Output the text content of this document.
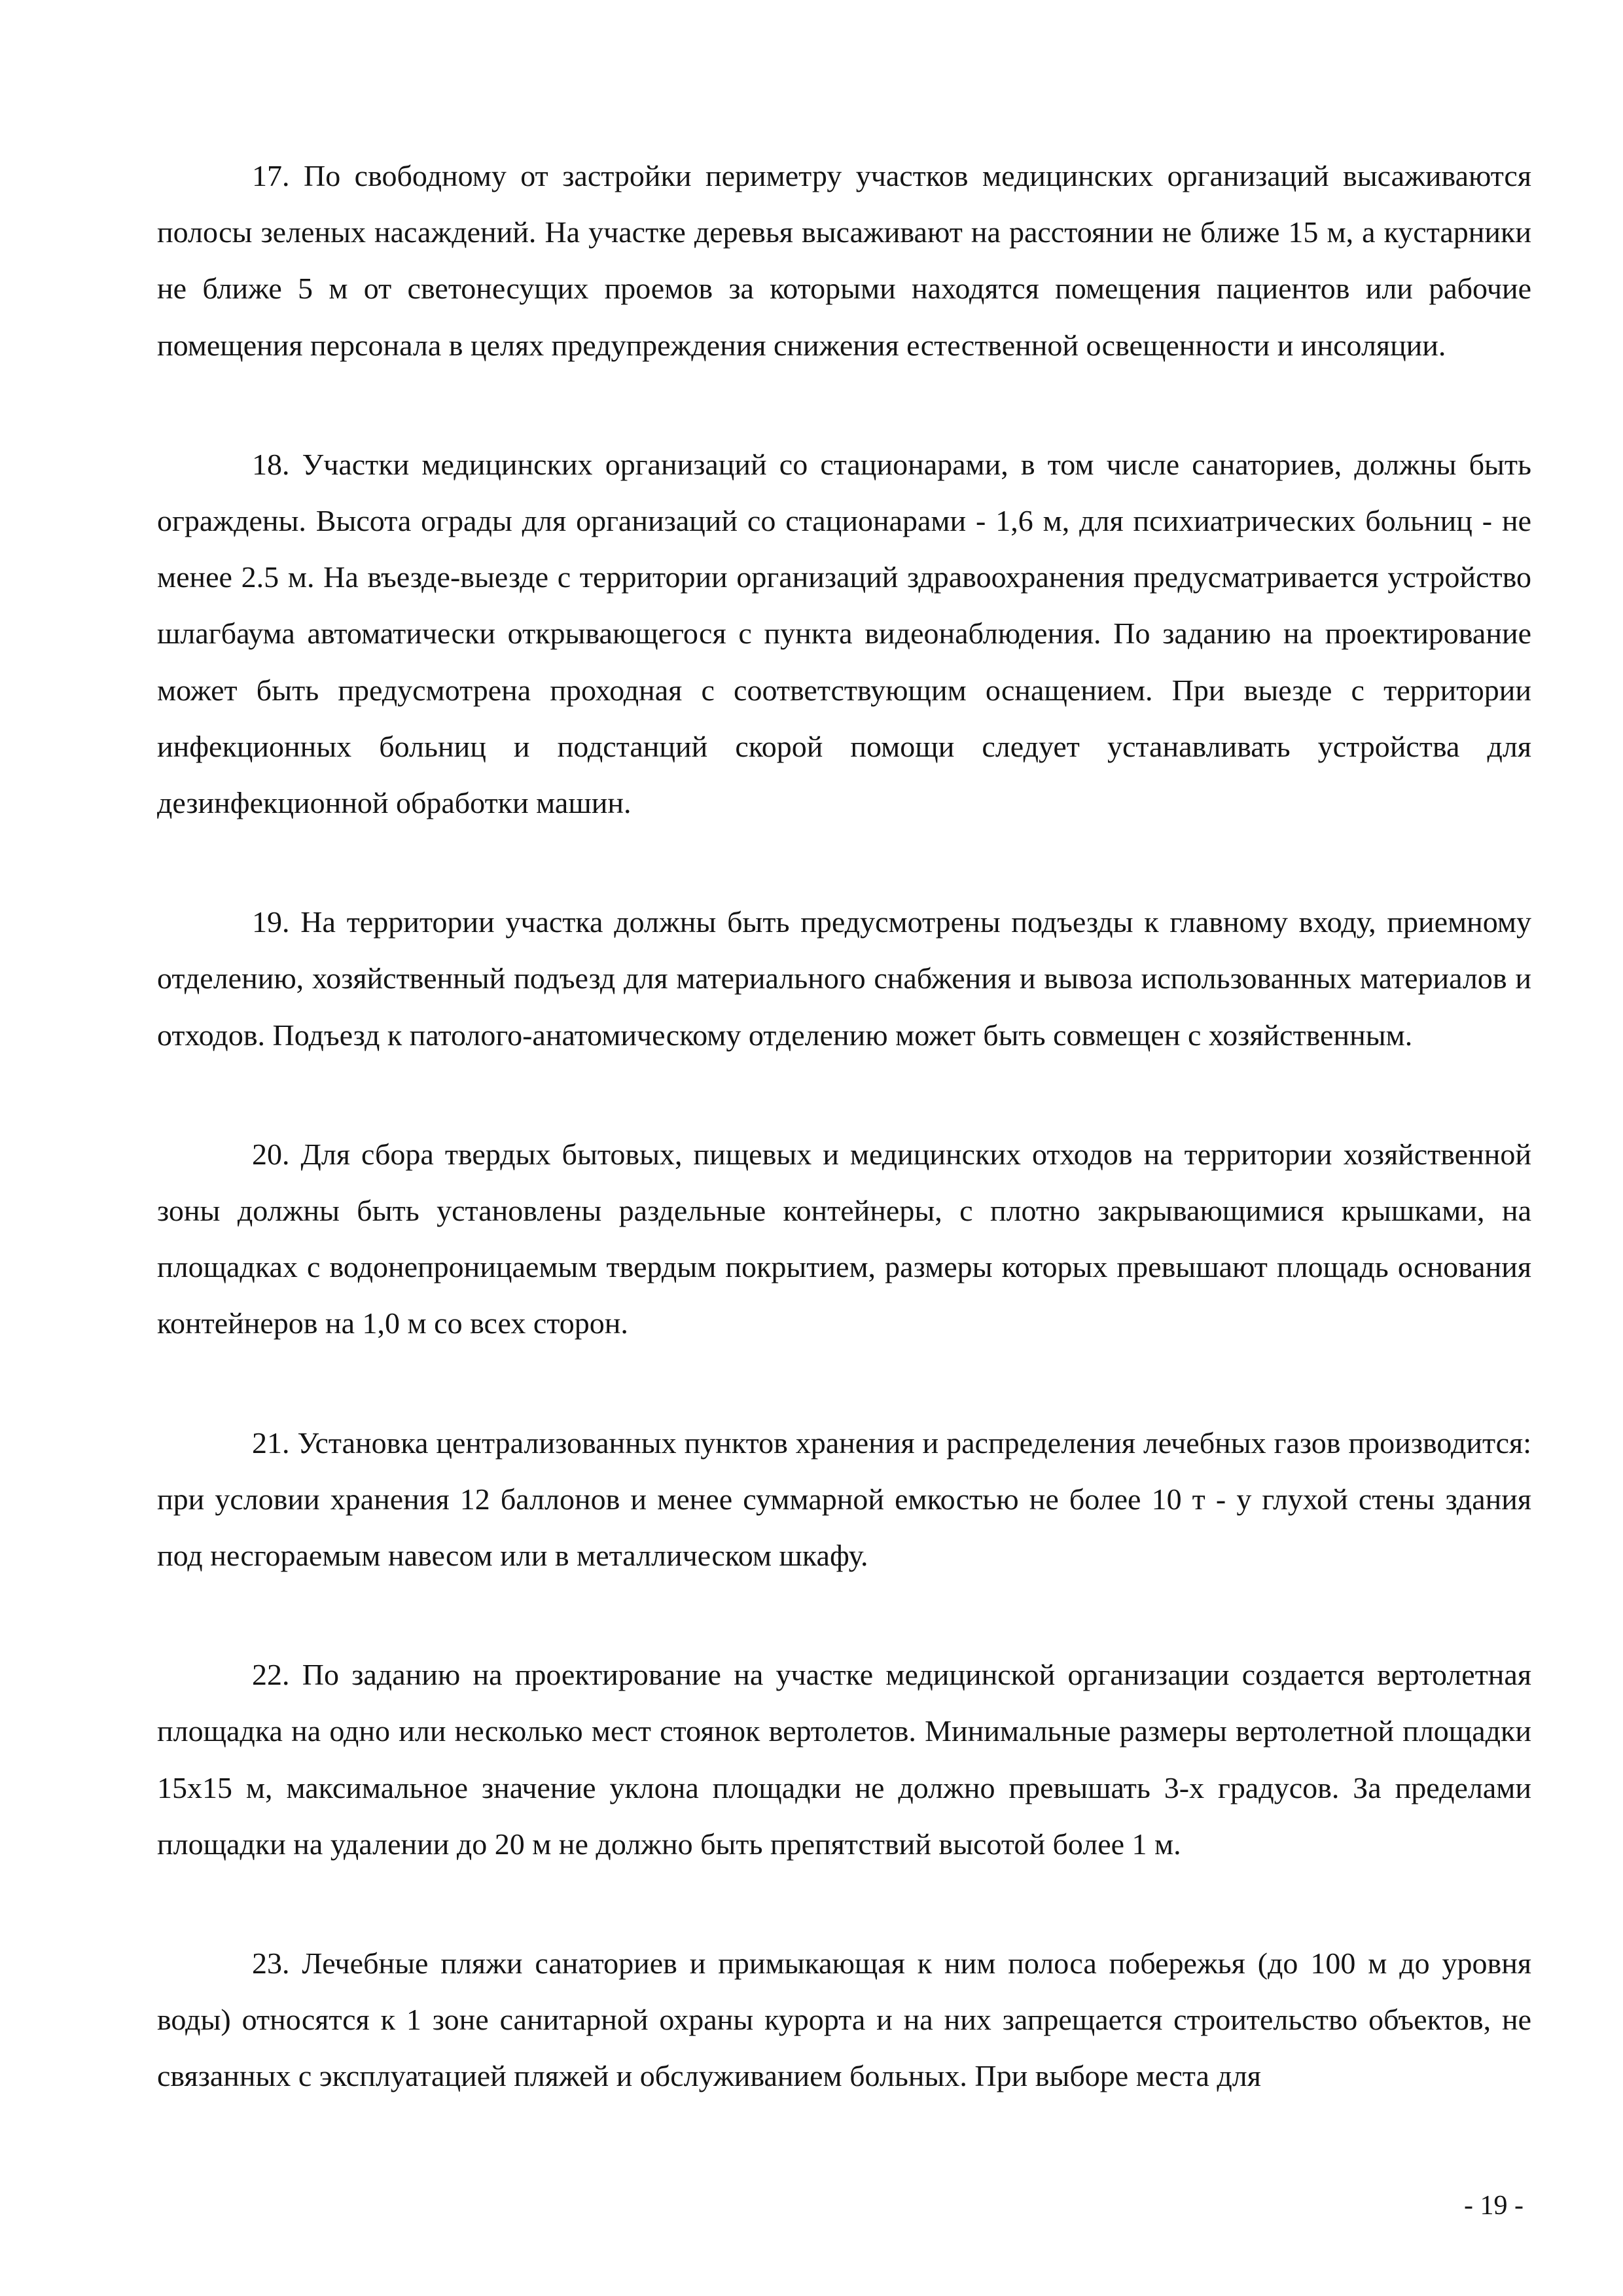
17. По свободному от застройки периметру участков медицинских организаций высаживаются полосы зеленых насаждений. На участке деревья высаживают на расстоянии не ближе 15 м, а кустарники не ближе 5 м от светонесущих проемов за которыми находятся помещения пациентов или рабочие помещения персонала в целях предупреждения снижения естественной освещенности и инсоляции.

18. Участки медицинских организаций со стационарами, в том числе санаториев, должны быть ограждены. Высота ограды для организаций со стационарами - 1,6 м, для психиатрических больниц - не менее 2.5 м. На въезде-выезде с территории организаций здравоохранения предусматривается устройство шлагбаума автоматически открывающегося с пункта видеонаблюдения. По заданию на проектирование может быть предусмотрена проходная с соответствующим оснащением. При выезде с территории инфекционных больниц и подстанций скорой помощи следует устанавливать устройства для дезинфекционной обработки машин.

19. На территории участка должны быть предусмотрены подъезды к главному входу, приемному отделению, хозяйственный подъезд для материального снабжения и вывоза использованных материалов и отходов. Подъезд к патолого-анатомическому отделению может быть совмещен с хозяйственным.

20. Для сбора твердых бытовых, пищевых и медицинских отходов на территории хозяйственной зоны должны быть установлены раздельные контейнеры, с плотно закрывающимися крышками, на площадках с водонепроницаемым твердым покрытием, размеры которых превышают площадь основания контейнеров на 1,0 м со всех сторон.

21. Установка централизованных пунктов хранения и распределения лечебных газов производится: при условии хранения 12 баллонов и менее суммарной емкостью не более 10 т - у глухой стены здания под несгораемым навесом или в металлическом шкафу.

22. По заданию на проектирование на участке медицинской организации создается вертолетная площадка на одно или несколько мест стоянок вертолетов. Минимальные размеры вертолетной площадки 15x15 м, максимальное значение уклона площадки не должно превышать 3-х градусов. За пределами площадки на удалении до 20 м не должно быть препятствий высотой более 1 м.

23. Лечебные пляжи санаториев и примыкающая к ним полоса побережья (до 100 м до уровня воды) относятся к 1 зоне санитарной охраны курорта и на них запрещается строительство объектов, не связанных с эксплуатацией пляжей и обслуживанием больных. При выборе места для

- 19 -
